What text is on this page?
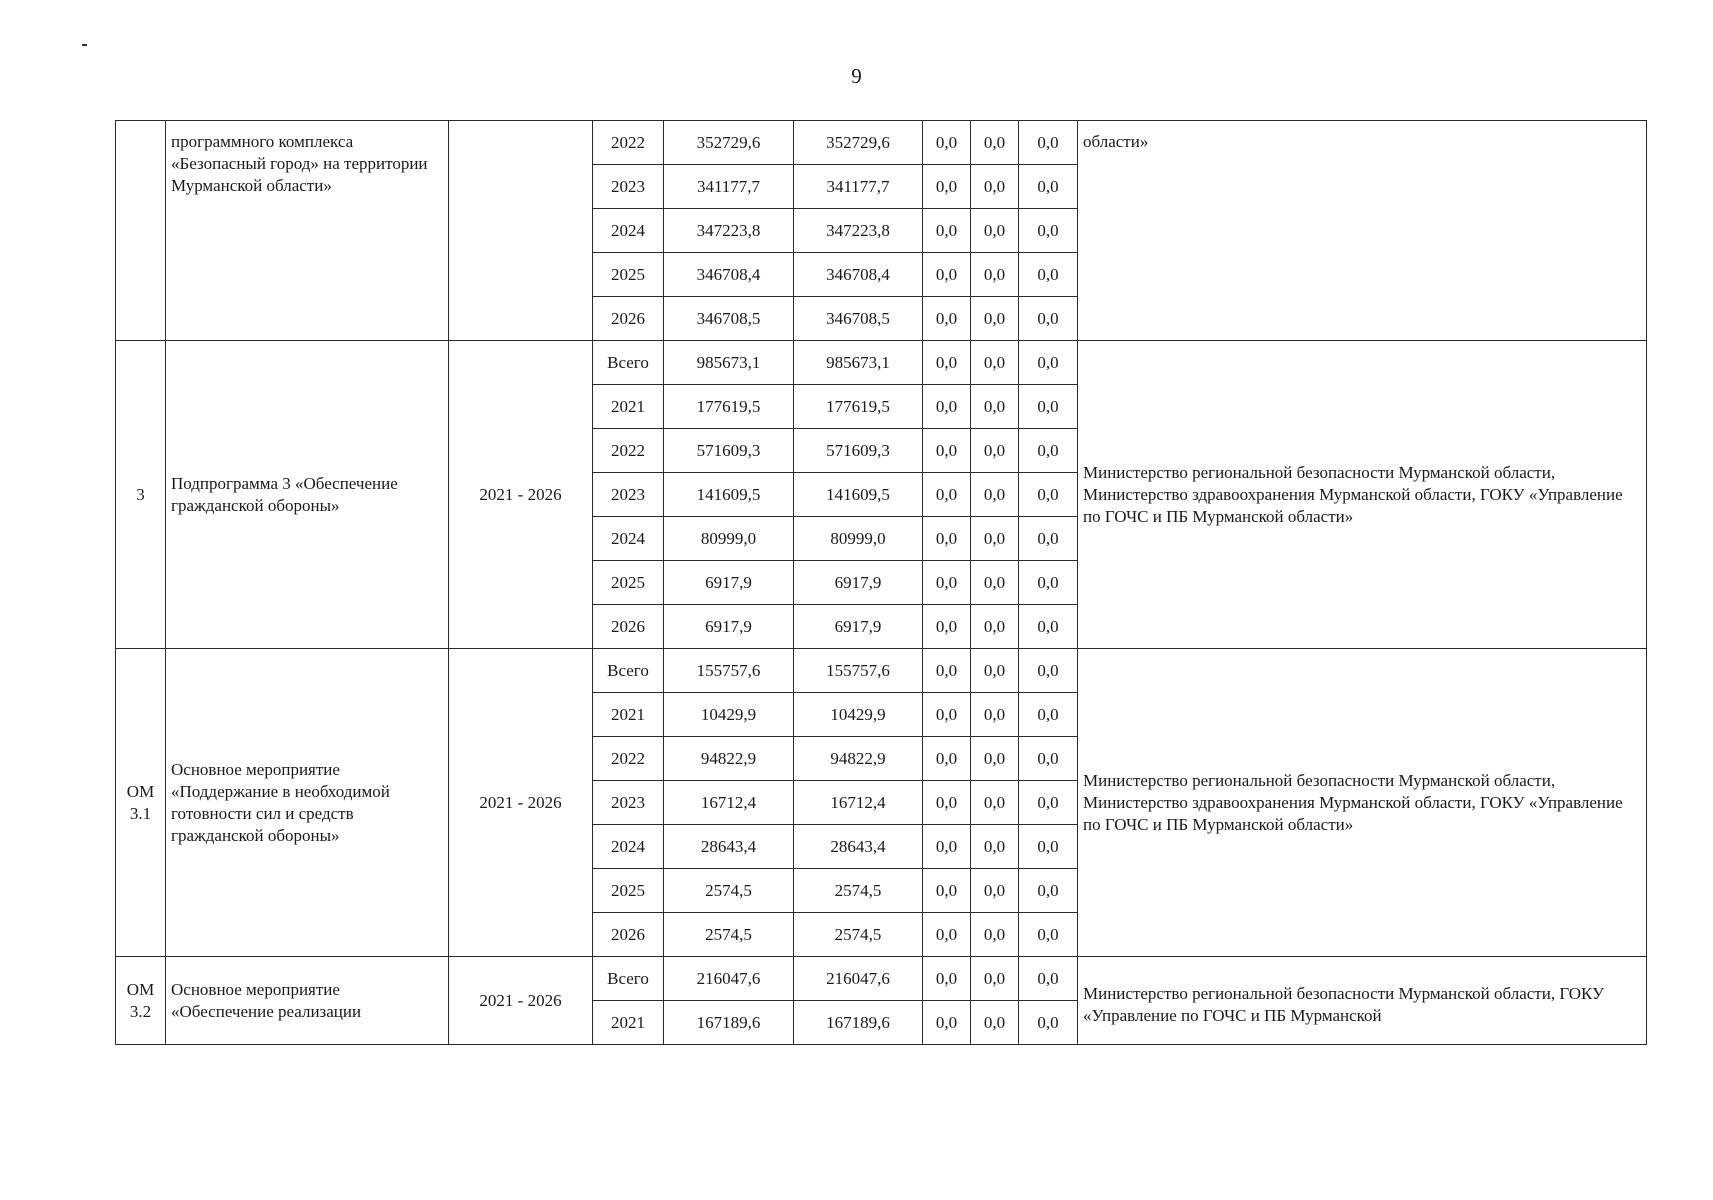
9
	программного комплекса «Безопасный город» на территории Мурманской области»		2022	352729,6	352729,6	0,0	0,0	0,0	области»
			2023	341177,7	341177,7	0,0	0,0	0,0	
			2024	347223,8	347223,8	0,0	0,0	0,0	
			2025	346708,4	346708,4	0,0	0,0	0,0	
			2026	346708,5	346708,5	0,0	0,0	0,0	
3	Подпрограмма 3 «Обеспечение гражданской обороны»	2021 - 2026	Всего	985673,1	985673,1	0,0	0,0	0,0	Министерство региональной безопасности Мурманской области, Министерство здравоохранения Мурманской области, ГОКУ «Управление по ГОЧС и ПБ Мурманской области»
			2021	177619,5	177619,5	0,0	0,0	0,0	
			2022	571609,3	571609,3	0,0	0,0	0,0	
			2023	141609,5	141609,5	0,0	0,0	0,0	
			2024	80999,0	80999,0	0,0	0,0	0,0	
			2025	6917,9	6917,9	0,0	0,0	0,0	
			2026	6917,9	6917,9	0,0	0,0	0,0	
ОМ 3.1	Основное мероприятие «Поддержание в необходимой готовности сил и средств гражданской обороны»	2021 - 2026	Всего	155757,6	155757,6	0,0	0,0	0,0	Министерство региональной безопасности Мурманской области, Министерство здравоохранения Мурманской области, ГОКУ «Управление по ГОЧС и ПБ Мурманской области»
			2021	10429,9	10429,9	0,0	0,0	0,0	
			2022	94822,9	94822,9	0,0	0,0	0,0	
			2023	16712,4	16712,4	0,0	0,0	0,0	
			2024	28643,4	28643,4	0,0	0,0	0,0	
			2025	2574,5	2574,5	0,0	0,0	0,0	
			2026	2574,5	2574,5	0,0	0,0	0,0	
ОМ 3.2	Основное мероприятие «Обеспечение реализации	2021 - 2026	Всего	216047,6	216047,6	0,0	0,0	0,0	Министерство региональной безопасности Мурманской области, ГОКУ «Управление по ГОЧС и ПБ Мурманской
			2021	167189,6	167189,6	0,0	0,0	0,0	
